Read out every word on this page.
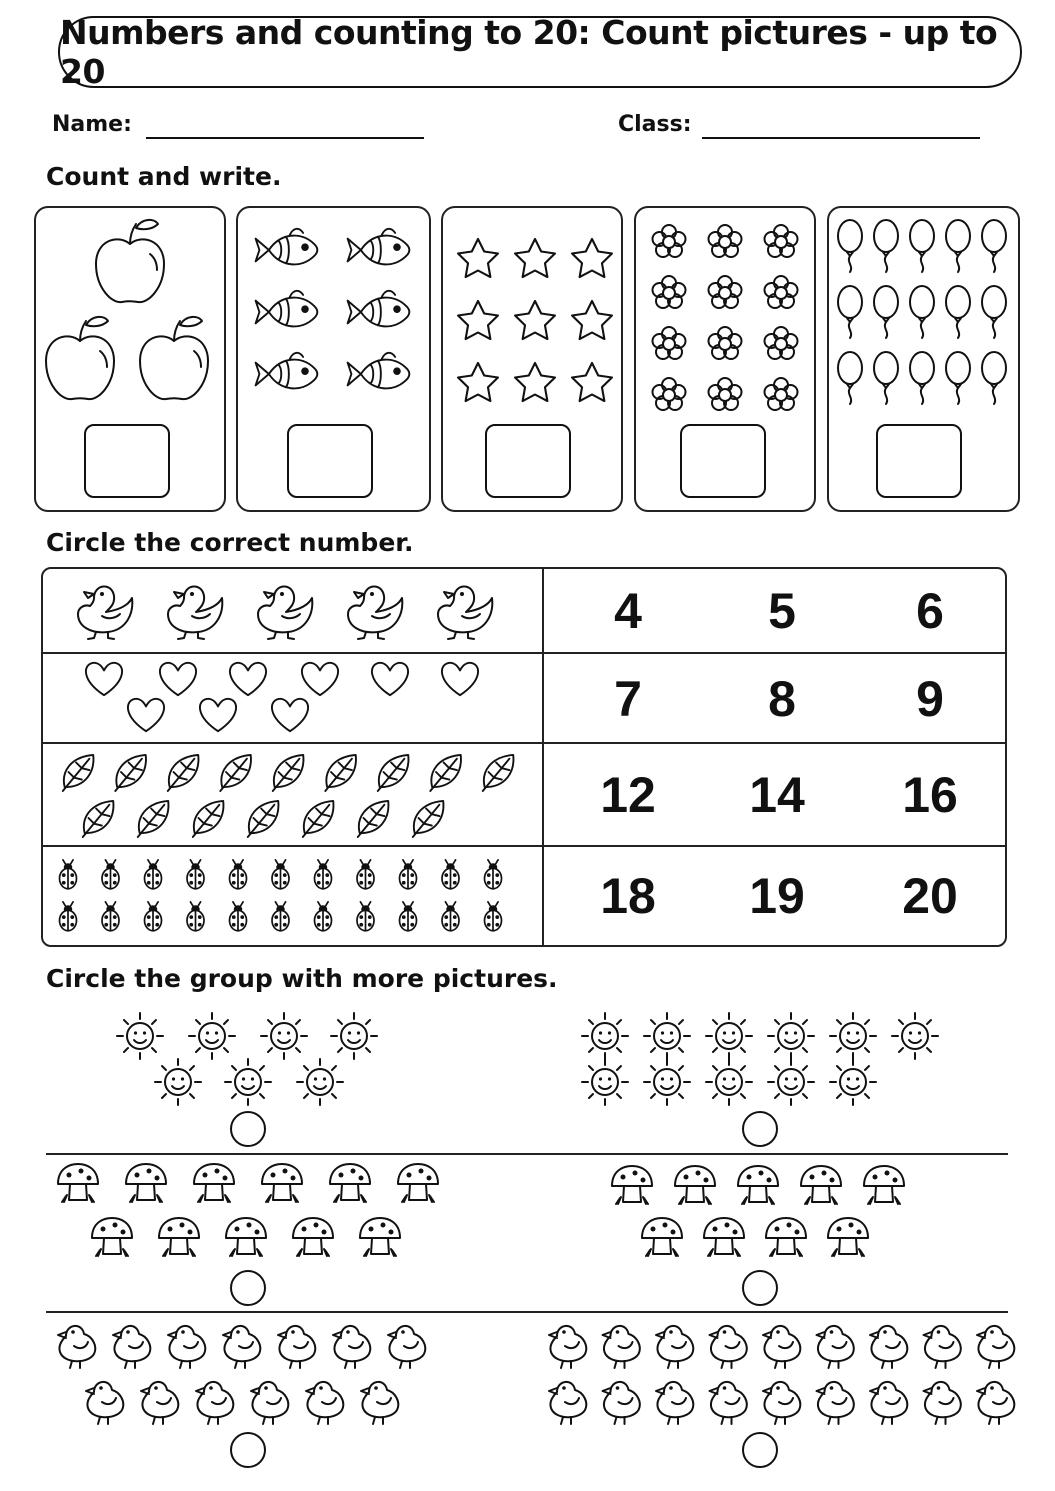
Numbers and counting to 20: Count pictures - up to 20
Name:	Class:
Count and write.
Circle the correct number.
4	5	6
7	8	9
12	14	16
18	19	20
Circle the group with more pictures.
